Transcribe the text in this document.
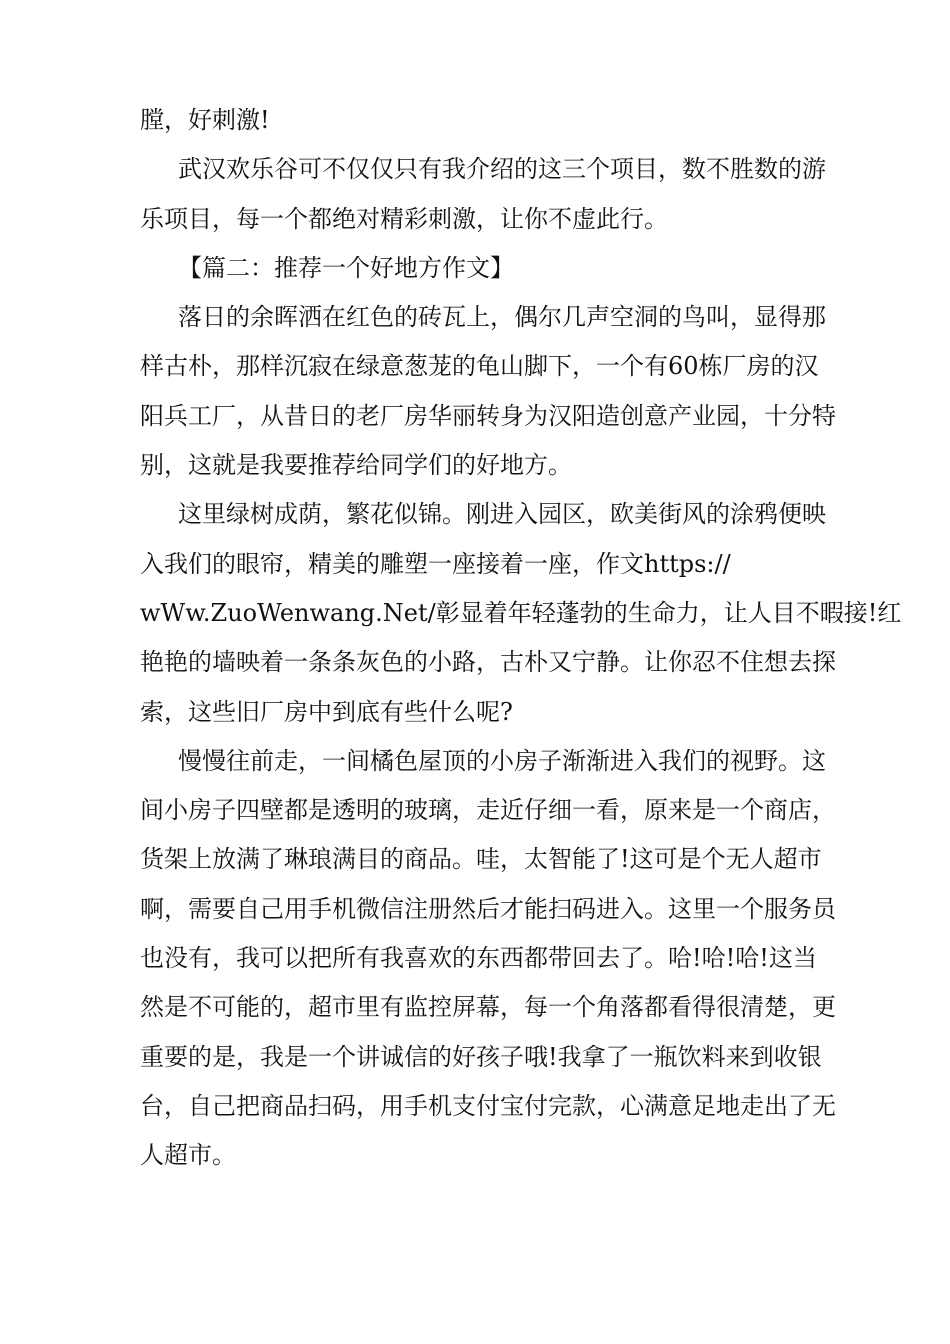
膛，好刺激!
武汉欢乐谷可不仅仅只有我介绍的这三个项目，数不胜数的游
乐项目，每一个都绝对精彩刺激，让你不虚此行。
【篇二：推荐一个好地方作文】
落日的余晖洒在红色的砖瓦上，偶尔几声空洞的鸟叫，显得那
样古朴，那样沉寂在绿意葱茏的龟山脚下，一个有60栋厂房的汉
阳兵工厂，从昔日的老厂房华丽转身为汉阳造创意产业园，十分特
别，这就是我要推荐给同学们的好地方。
这里绿树成荫，繁花似锦。刚进入园区，欧美街风的涂鸦便映
入我们的眼帘，精美的雕塑一座接着一座，作文https://
wWw.ZuoWenwang.Net/彰显着年轻蓬勃的生命力，让人目不暇接!红
艳艳的墙映着一条条灰色的小路，古朴又宁静。让你忍不住想去探
索，这些旧厂房中到底有些什么呢?
慢慢往前走，一间橘色屋顶的小房子渐渐进入我们的视野。这
间小房子四壁都是透明的玻璃，走近仔细一看，原来是一个商店，
货架上放满了琳琅满目的商品。哇，太智能了!这可是个无人超市
啊，需要自己用手机微信注册然后才能扫码进入。这里一个服务员
也没有，我可以把所有我喜欢的东西都带回去了。哈!哈!哈!这当
然是不可能的，超市里有监控屏幕，每一个角落都看得很清楚，更
重要的是，我是一个讲诚信的好孩子哦!我拿了一瓶饮料来到收银
台，自己把商品扫码，用手机支付宝付完款，心满意足地走出了无
人超市。
